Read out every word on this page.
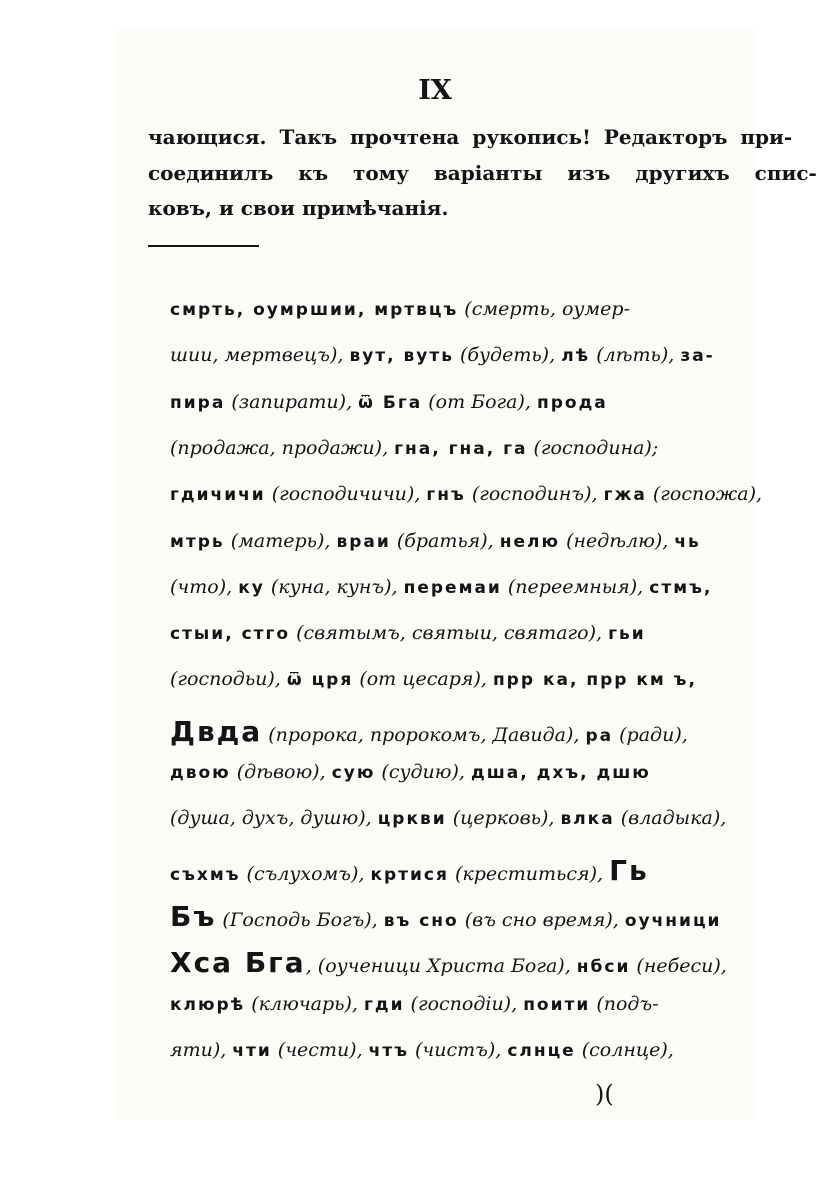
IX
чающися. Такъ прочтена рукопись! Редакторъ при-
соединилъ къ тому варіанты изъ другихъ спис-
ковъ, и свои примѣчанія.
смрть, оумршии, мртвцъ (смерть, оумер-
шии, мертвецъ), вут, вуть (будеть), лѣ (лѣть), за-
пира (запирати), ѿ Бга (от Бога), прода
(продажа, продажи), гна, гна, га (господина);
гдичичи (господичичи), гнъ (господинъ), гжа (госпожа),
мтрь (матерь), враи (братья), нелю (недѣлю), чь
(что), ку (куна, кунъ), перемаи (переемныя), стмъ,
стыи, стго (святымъ, святыи, святаго), гьи
(господьи), ѿ цря (от цесаря), прр ка, прр км ъ,
Двда (пророка, пророкомъ, Давида), ра (ради),
двою (дѣвою), сую (судию), дша, дхъ, дшю
(душа, духъ, душю), цркви (церковь), влка (владыка),
съхмъ (сълухомъ), кртися (креститься), Гь
Бъ (Господь Богъ), въ сно (въ сно время), оучници
Хса Бга, (оученици Христа Бога), нбси (небеси),
клюрѣ (ключарь), гди (господіи), поити (подъ-
яти), чти (чести), чтъ (чистъ), слнце (солнце),
)(
